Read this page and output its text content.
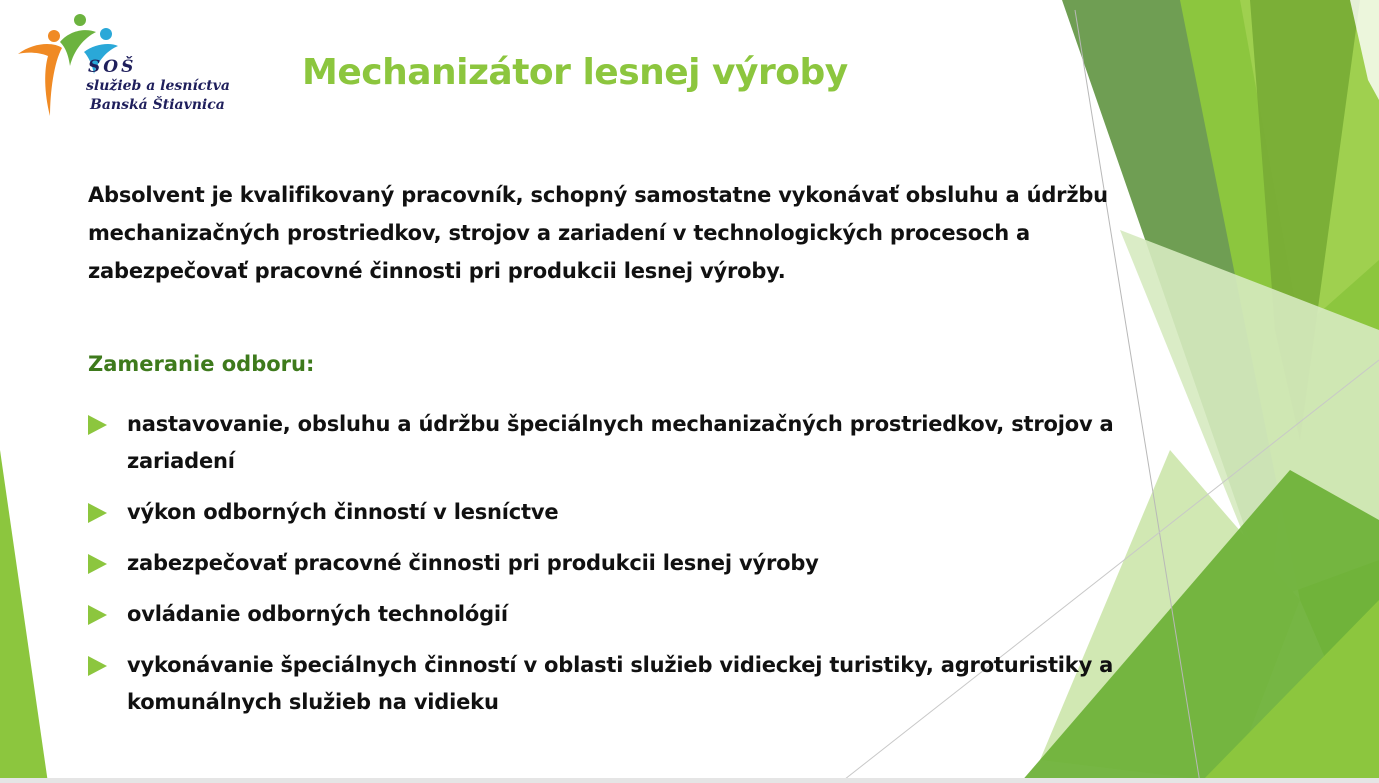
SOŠ
služieb a lesníctva
Banská Štiavnica
Mechanizátor lesnej výroby
Absolvent je kvalifikovaný pracovník, schopný samostatne vykonávať obsluhu a údržbu mechanizačných prostriedkov, strojov a zariadení v technologických procesoch a zabezpečovať pracovné činnosti pri produkcii lesnej výroby.
Zameranie odboru:
nastavovanie, obsluhu a údržbu špeciálnych mechanizačných prostriedkov, strojov a zariadení
výkon odborných činností v lesníctve
zabezpečovať pracovné činnosti pri produkcii lesnej výroby
ovládanie odborných technológií
vykonávanie špeciálnych činností v oblasti služieb vidieckej turistiky, agroturistiky a komunálnych služieb na vidieku
